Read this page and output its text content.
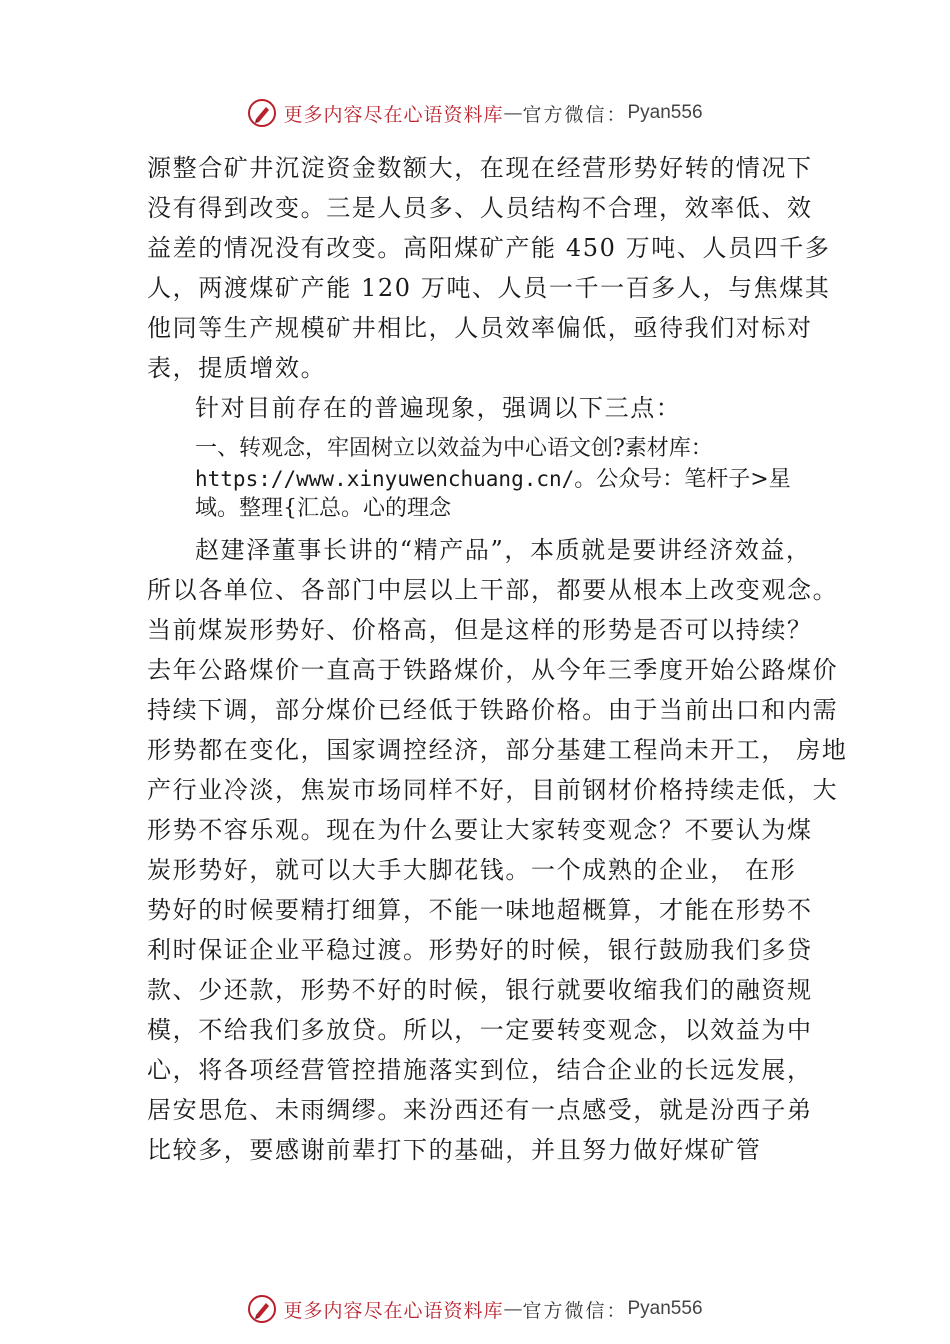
更多内容尽在心语资料库 — 官方微信： Pyan556
源整合矿井沉淀资金数额大，在现在经营形势好转的情况下
没有得到改变。三是人员多、人员结构不合理，效率低、效
益差的情况没有改变。高阳煤矿产能 450 万吨、人员四千多
人，两渡煤矿产能 120 万吨、人员一千一百多人，与焦煤其
他同等生产规模矿井相比，人员效率偏低，亟待我们对标对
表，提质增效。
针对目前存在的普遍现象，强调以下三点：
一、转观念，牢固树立以效益为中心语文创?素材库：
https://www.xinyuwenchuang.cn/。公众号：笔杆子>星
域。整理{汇总。心的理念
赵建泽董事长讲的“精产品”，本质就是要讲经济效益，
所以各单位、各部门中层以上干部，都要从根本上改变观念。
当前煤炭形势好、价格高，但是这样的形势是否可以持续？
去年公路煤价一直高于铁路煤价，从今年三季度开始公路煤价
持续下调，部分煤价已经低于铁路价格。由于当前出口和内需
形势都在变化，国家调控经济，部分基建工程尚未开工， 房地
产行业冷淡，焦炭市场同样不好，目前钢材价格持续走低，大
形势不容乐观。现在为什么要让大家转变观念？不要认为煤
炭形势好，就可以大手大脚花钱。一个成熟的企业， 在形
势好的时候要精打细算，不能一味地超概算，才能在形势不
利时保证企业平稳过渡。形势好的时候，银行鼓励我们多贷
款、少还款，形势不好的时候，银行就要收缩我们的融资规
模，不给我们多放贷。所以，一定要转变观念，以效益为中
心，将各项经营管控措施落实到位，结合企业的长远发展，
居安思危、未雨绸缪。来汾西还有一点感受，就是汾西子弟
比较多，要感谢前辈打下的基础，并且努力做好煤矿管
更多内容尽在心语资料库 — 官方微信： Pyan556
